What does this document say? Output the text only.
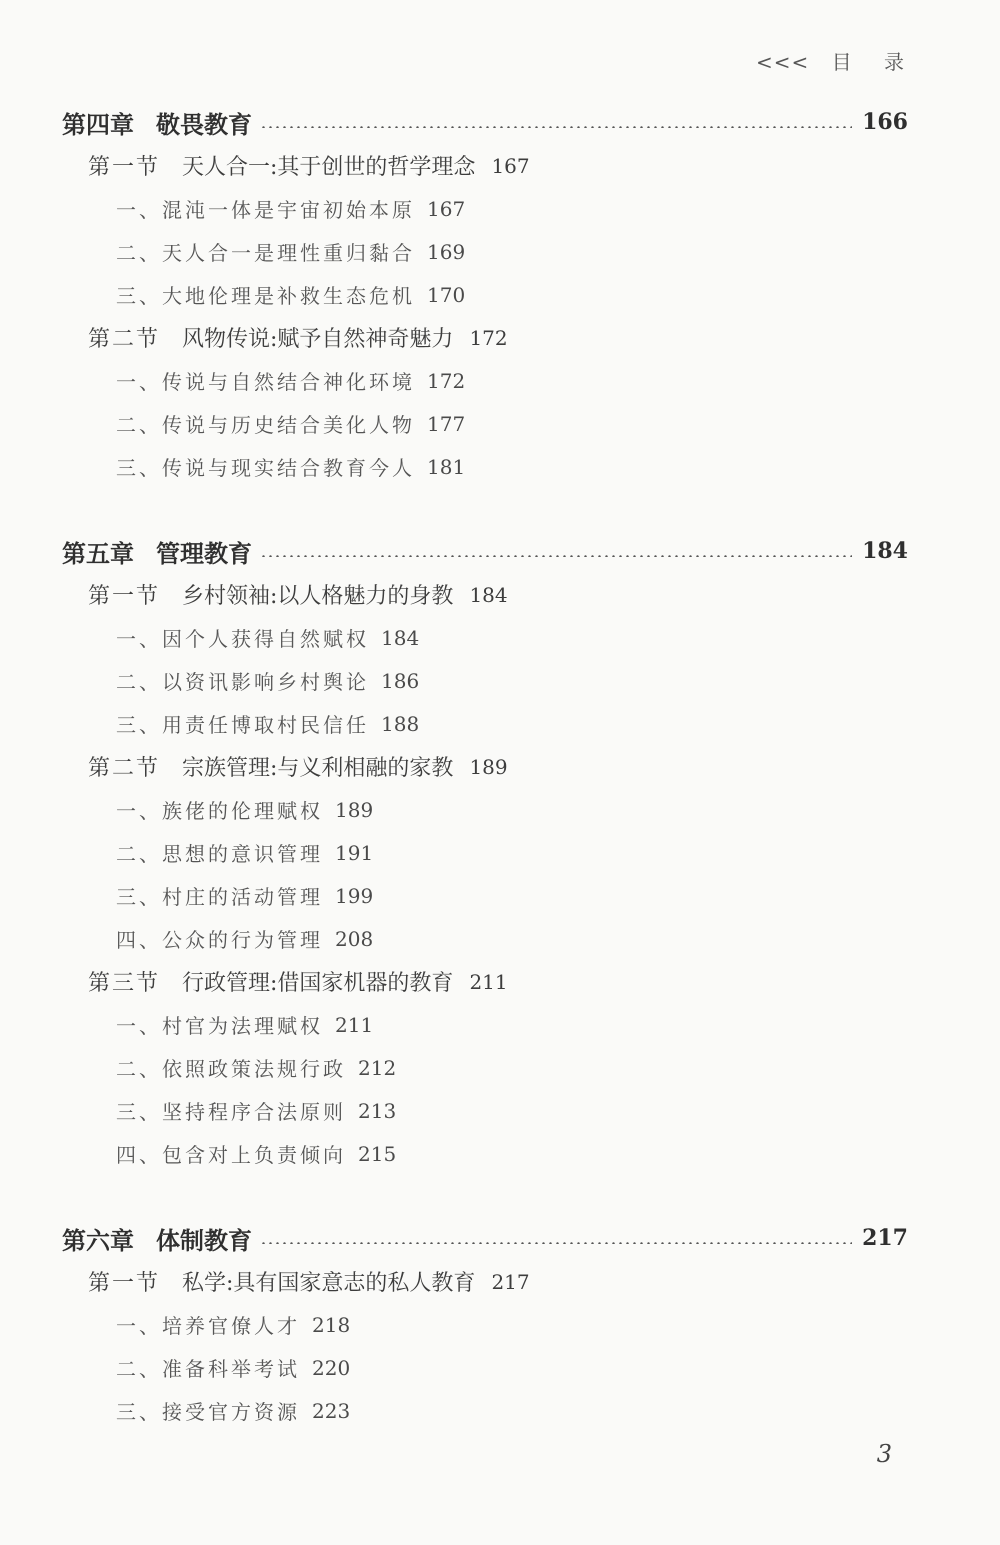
<<< 目 录
第四章 敬畏教育	166
第一节 天人合一:其于创世的哲学理念 167
一、混沌一体是宇宙初始本原 167
二、天人合一是理性重归黏合 169
三、大地伦理是补救生态危机 170
第二节 风物传说:赋予自然神奇魅力 172
一、传说与自然结合神化环境 172
二、传说与历史结合美化人物 177
三、传说与现实结合教育今人 181
第五章 管理教育	184
第一节 乡村领袖:以人格魅力的身教 184
一、因个人获得自然赋权 184
二、以资讯影响乡村舆论 186
三、用责任博取村民信任 188
第二节 宗族管理:与义利相融的家教 189
一、族佬的伦理赋权 189
二、思想的意识管理 191
三、村庄的活动管理 199
四、公众的行为管理 208
第三节 行政管理:借国家机器的教育 211
一、村官为法理赋权 211
二、依照政策法规行政 212
三、坚持程序合法原则 213
四、包含对上负责倾向 215
第六章 体制教育	217
第一节 私学:具有国家意志的私人教育 217
一、培养官僚人才 218
二、准备科举考试 220
三、接受官方资源 223
3
